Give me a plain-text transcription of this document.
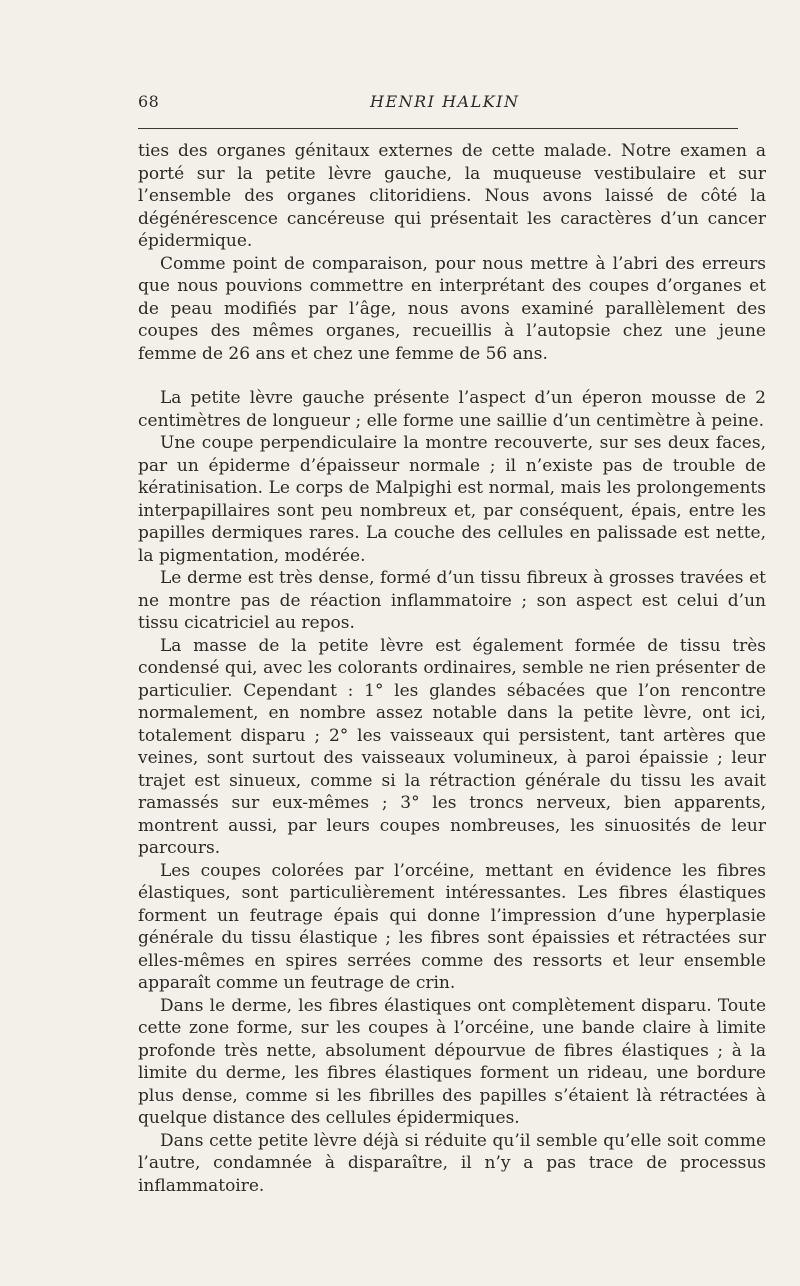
68	HENRI HALKIN

ties des organes génitaux externes de cette malade. Notre examen a porté sur la petite lèvre gauche, la muqueuse vestibulaire et sur l’ensemble des organes clitoridiens. Nous avons laissé de côté la dégénérescence cancéreuse qui présentait les caractères d’un cancer épidermique.

Comme point de comparaison, pour nous mettre à l’abri des erreurs que nous pouvions commettre en interprétant des coupes d’organes et de peau modifiés par l’âge, nous avons examiné parallèlement des coupes des mêmes organes, recueillis à l’autopsie chez une jeune femme de 26 ans et chez une femme de 56 ans.

La petite lèvre gauche présente l’aspect d’un éperon mousse de 2 centimètres de longueur ; elle forme une saillie d’un centimètre à peine.

Une coupe perpendiculaire la montre recouverte, sur ses deux faces, par un épiderme d’épaisseur normale ; il n’existe pas de trouble de kératinisation. Le corps de Malpighi est normal, mais les prolongements interpapillaires sont peu nombreux et, par conséquent, épais, entre les papilles dermiques rares. La couche des cellules en palissade est nette, la pigmentation, modérée.

Le derme est très dense, formé d’un tissu fibreux à grosses travées et ne montre pas de réaction inflammatoire ; son aspect est celui d’un tissu cicatriciel au repos.

La masse de la petite lèvre est également formée de tissu très condensé qui, avec les colorants ordinaires, semble ne rien présenter de particulier. Cependant : 1° les glandes sébacées que l’on rencontre normalement, en nombre assez notable dans la petite lèvre, ont ici, totalement disparu ; 2° les vaisseaux qui persistent, tant artères que veines, sont surtout des vaisseaux volumineux, à paroi épaissie ; leur trajet est sinueux, comme si la rétraction générale du tissu les avait ramassés sur eux-mêmes ; 3° les troncs nerveux, bien apparents, montrent aussi, par leurs coupes nombreuses, les sinuosités de leur parcours.

Les coupes colorées par l’orcéine, mettant en évidence les fibres élastiques, sont particulièrement intéressantes. Les fibres élastiques forment un feutrage épais qui donne l’impression d’une hyperplasie générale du tissu élastique ; les fibres sont épaissies et rétractées sur elles-mêmes en spires serrées comme des ressorts et leur ensemble apparaît comme un feutrage de crin.

Dans le derme, les fibres élastiques ont complètement disparu. Toute cette zone forme, sur les coupes à l’orcéine, une bande claire à limite profonde très nette, absolument dépourvue de fibres élastiques ; à la limite du derme, les fibres élastiques forment un rideau, une bordure plus dense, comme si les fibrilles des papilles s’étaient là rétractées à quelque distance des cellules épidermiques.

Dans cette petite lèvre déjà si réduite qu’il semble qu’elle soit comme l’autre, condamnée à disparaître, il n’y a pas trace de processus inflammatoire.
